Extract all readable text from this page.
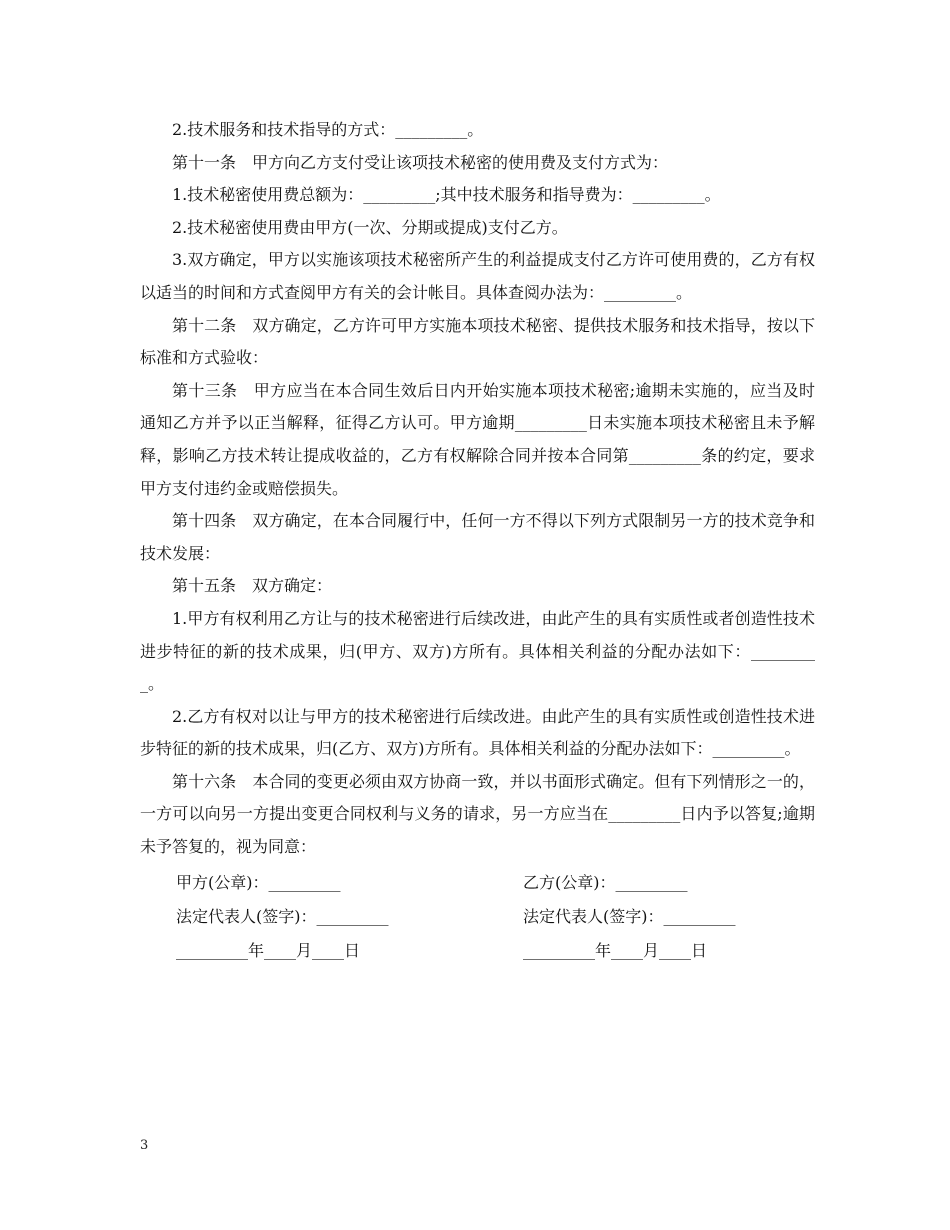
2.技术服务和技术指导的方式：_________。

第十一条　甲方向乙方支付受让该项技术秘密的使用费及支付方式为：

1.技术秘密使用费总额为：_________;其中技术服务和指导费为：_________。

2.技术秘密使用费由甲方(一次、分期或提成)支付乙方。

3.双方确定，甲方以实施该项技术秘密所产生的利益提成支付乙方许可使用费的，乙方有权以适当的时间和方式查阅甲方有关的会计帐目。具体查阅办法为：_________。

第十二条　双方确定，乙方许可甲方实施本项技术秘密、提供技术服务和技术指导，按以下标准和方式验收：

第十三条　甲方应当在本合同生效后日内开始实施本项技术秘密;逾期未实施的，应当及时通知乙方并予以正当解释，征得乙方认可。甲方逾期_________日未实施本项技术秘密且未予解释，影响乙方技术转让提成收益的，乙方有权解除合同并按本合同第_________条的约定，要求甲方支付违约金或赔偿损失。

第十四条　双方确定，在本合同履行中，任何一方不得以下列方式限制另一方的技术竞争和技术发展：

第十五条　双方确定：

1.甲方有权利用乙方让与的技术秘密进行后续改进，由此产生的具有实质性或者创造性技术进步特征的新的技术成果，归(甲方、双方)方所有。具体相关利益的分配办法如下：_________。

2.乙方有权对以让与甲方的技术秘密进行后续改进。由此产生的具有实质性或创造性技术进步特征的新的技术成果，归(乙方、双方)方所有。具体相关利益的分配办法如下：_________。

第十六条　本合同的变更必须由双方协商一致，并以书面形式确定。但有下列情形之一的，一方可以向另一方提出变更合同权利与义务的请求，另一方应当在_________日内予以答复;逾期未予答复的，视为同意：

甲方(公章)：_________	乙方(公章)：_________
法定代表人(签字)：_________	法定代表人(签字)：_________
_________年____月____日	_________年____月____日
3
